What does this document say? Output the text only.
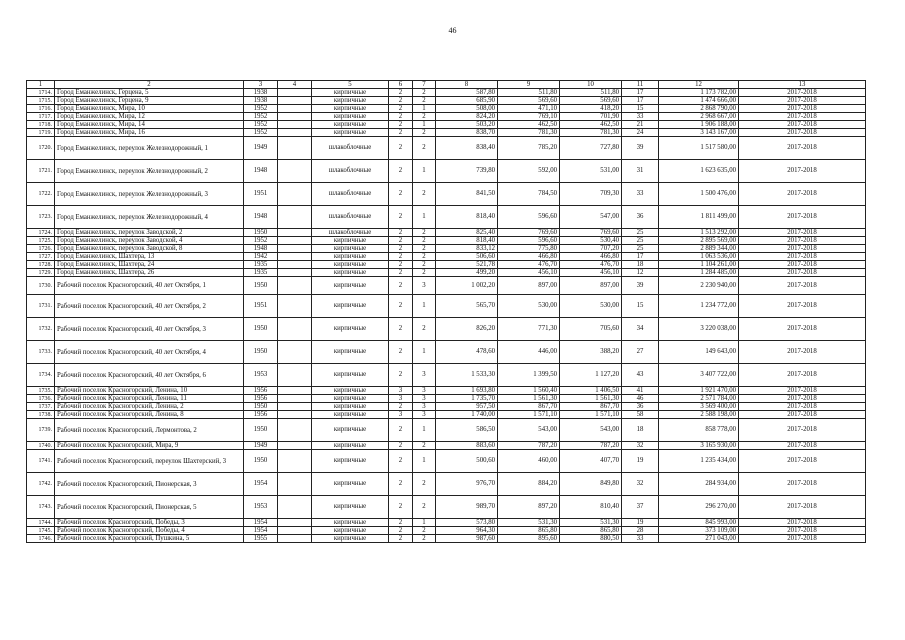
46
1	2	3	4	5	6	7	8	9	10	11	12	13
1714.	Город Еманжелинск, Герцена, 5	1938		кирпичные	2	2	587,80	511,80	511,80	17	1 173 782,00	2017-2018
1715.	Город Еманжелинск, Герцена, 9	1938		кирпичные	2	2	685,90	569,60	569,60	17	1 474 666,00	2017-2018
1716.	Город Еманжелинск, Мира, 10	1952		кирпичные	2	1	508,00	471,10	418,20	15	2 868 790,00	2017-2018
1717.	Город Еманжелинск, Мира, 12	1952		кирпичные	2	2	824,20	769,10	701,90	33	2 968 667,00	2017-2018
1718.	Город Еманжелинск, Мира, 14	1952		кирпичные	2	1	503,20	462,50	462,50	21	1 906 188,00	2017-2018
1719.	Город Еманжелинск, Мира, 16	1952		кирпичные	2	2	838,70	781,30	781,30	24	3 143 167,00	2017-2018
1720.	Город Еманжелинск, переулок Железнодорожный, 1	1949		шлакоблочные	2	2	838,40	785,20	727,80	39	1 517 580,00	2017-2018
1721.	Город Еманжелинск, переулок Железнодорожный, 2	1948		шлакоблочные	2	1	739,80	592,00	531,00	31	1 623 635,00	2017-2018
1722.	Город Еманжелинск, переулок Железнодорожный, 3	1951		шлакоблочные	2	2	841,50	784,50	709,30	33	1 500 476,00	2017-2018
1723.	Город Еманжелинск, переулок Железнодорожный, 4	1948		шлакоблочные	2	1	818,40	596,60	547,00	36	1 811 499,00	2017-2018
1724.	Город Еманжелинск, переулок Заводской, 2	1950		шлакоблочные	2	2	825,40	769,60	769,60	25	1 513 292,00	2017-2018
1725.	Город Еманжелинск, переулок Заводской, 4	1952		кирпичные	2	2	818,40	596,60	530,40	25	2 895 569,00	2017-2018
1726.	Город Еманжелинск, переулок Заводской, 8	1948		кирпичные	2	2	833,12	775,80	707,20	25	2 889 344,00	2017-2018
1727.	Город Еманжелинск, Шахтера, 13	1942		кирпичные	2	2	506,60	466,80	466,80	17	1 063 536,00	2017-2018
1728.	Город Еманжелинск, Шахтера, 24	1935		кирпичные	2	2	521,78	476,70	476,70	18	1 104 261,00	2017-2018
1729.	Город Еманжелинск, Шахтера, 26	1935		кирпичные	2	2	499,20	456,10	456,10	12	1 284 485,00	2017-2018
1730.	Рабочий поселок Красногорский, 40 лет Октября, 1	1950		кирпичные	2	3	1 002,20	897,00	897,00	39	2 230 940,00	2017-2018
1731.	Рабочий поселок Красногорский, 40 лет Октября, 2	1951		кирпичные	2	1	565,70	530,00	530,00	15	1 234 772,00	2017-2018
1732.	Рабочий поселок Красногорский, 40 лет Октября, 3	1950		кирпичные	2	2	826,20	771,30	705,60	34	3 220 038,00	2017-2018
1733.	Рабочий поселок Красногорский, 40 лет Октября, 4	1950		кирпичные	2	1	478,60	446,00	388,20	27	149 643,00	2017-2018
1734.	Рабочий поселок Красногорский, 40 лет Октября, 6	1953		кирпичные	2	3	1 533,30	1 399,50	1 127,20	43	3 407 722,00	2017-2018
1735.	Рабочий поселок Красногорский, Ленина, 10	1956		кирпичные	3	3	1 693,80	1 560,40	1 406,50	41	1 921 470,00	2017-2018
1736.	Рабочий поселок Красногорский, Ленина, 11	1956		кирпичные	3	3	1 735,70	1 561,30	1 561,30	46	2 571 784,00	2017-2018
1737.	Рабочий поселок Красногорский, Ленина, 2	1950		кирпичные	2	3	957,50	867,70	867,70	36	3 569 400,00	2017-2018
1738.	Рабочий поселок Красногорский, Ленина, 8	1956		кирпичные	3	3	1 740,00	1 571,10	1 571,10	58	2 588 198,00	2017-2018
1739.	Рабочий поселок Красногорский, Лермонтова, 2	1950		кирпичные	2	1	586,50	543,00	543,00	18	858 778,00	2017-2018
1740.	Рабочий поселок Красногорский, Мира, 9	1949		кирпичные	2	2	883,60	787,20	787,20	32	3 165 930,00	2017-2018
1741.	Рабочий поселок Красногорский, переулок Шахтерский, 3	1950		кирпичные	2	1	500,60	460,00	407,70	19	1 235 434,00	2017-2018
1742.	Рабочий поселок Красногорский, Пионерская, 3	1954		кирпичные	2	2	976,70	884,20	849,80	32	284 934,00	2017-2018
1743.	Рабочий поселок Красногорский, Пионерская, 5	1953		кирпичные	2	2	989,70	897,20	810,40	37	296 270,00	2017-2018
1744.	Рабочий поселок Красногорский, Победы, 3	1954		кирпичные	2	1	573,80	531,30	531,30	19	845 993,00	2017-2018
1745.	Рабочий поселок Красногорский, Победы, 4	1954		кирпичные	2	2	964,30	865,80	865,80	28	373 109,00	2017-2018
1746.	Рабочий поселок Красногорский, Пушкина, 5	1955		кирпичные	2	2	987,60	895,60	880,50	33	271 043,00	2017-2018
